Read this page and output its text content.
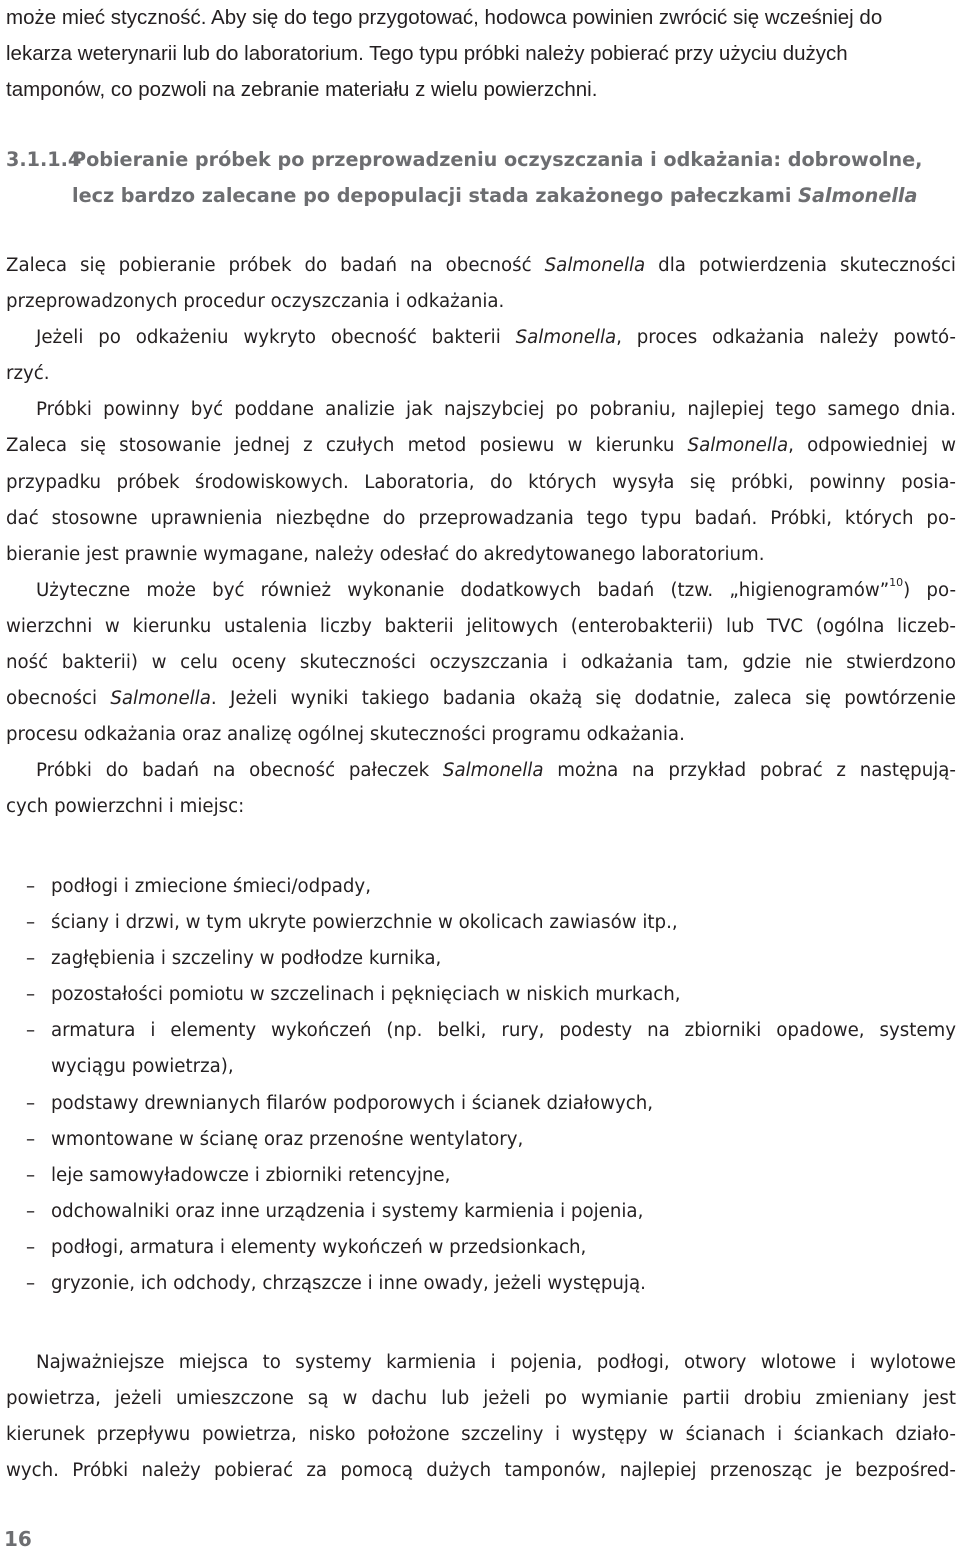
może mieć styczność. Aby się do tego przygotować, hodowca powinien zwrócić się wcześniej do
lekarza weterynarii lub do laboratorium. Tego typu próbki należy pobierać przy użyciu dużych
tamponów, co pozwoli na zebranie materiału z wielu powierzchni.
3.1.1.4Pobieranie próbek po przeprowadzeniu oczyszczania i odkażania: dobrowolne,
lecz bardzo zalecane po depopulacji stada zakażonego pałeczkami Salmonella
Zaleca się pobieranie próbek do badań na obecność Salmonella dla potwierdzenia skuteczności
przeprowadzonych procedur oczyszczania i odkażania.
Jeżeli po odkażeniu wykryto obecność bakterii Salmonella, proces odkażania należy powtó-
rzyć.
Próbki powinny być poddane analizie jak najszybciej po pobraniu, najlepiej tego samego dnia.
Zaleca się stosowanie jednej z czułych metod posiewu w kierunku Salmonella, odpowiedniej w
przypadku próbek środowiskowych. Laboratoria, do których wysyła się próbki, powinny posia-
dać stosowne uprawnienia niezbędne do przeprowadzania tego typu badań. Próbki, których po-
bieranie jest prawnie wymagane, należy odesłać do akredytowanego laboratorium.
Użyteczne może być również wykonanie dodatkowych badań (tzw. „higienogramów”$^{10}$) po-
wierzchni w kierunku ustalenia liczby bakterii jelitowych (enterobakterii) lub TVC (ogólna liczeb-
ność bakterii) w celu oceny skuteczności oczyszczania i odkażania tam, gdzie nie stwierdzono
obecności Salmonella. Jeżeli wyniki takiego badania okażą się dodatnie, zaleca się powtórzenie
procesu odkażania oraz analizę ogólnej skuteczności programu odkażania.
Próbki do badań na obecność pałeczek Salmonella można na przykład pobrać z następują-
cych powierzchni i miejsc:
– podłogi i zmiecione śmieci/odpady,
– ściany i drzwi, w tym ukryte powierzchnie w okolicach zawiasów itp.,
– zagłębienia i szczeliny w podłodze kurnika,
– pozostałości pomiotu w szczelinach i pęknięciach w niskich murkach,
– armatura i elementy wykończeń (np. belki, rury, podesty na zbiorniki opadowe, systemy
wyciągu powietrza),
– podstawy drewnianych filarów podporowych i ścianek działowych,
– wmontowane w ścianę oraz przenośne wentylatory,
– leje samowyładowcze i zbiorniki retencyjne,
– odchowalniki oraz inne urządzenia i systemy karmienia i pojenia,
– podłogi, armatura i elementy wykończeń w przedsionkach,
– gryzonie, ich odchody, chrząszcze i inne owady, jeżeli występują.
Najważniejsze miejsca to systemy karmienia i pojenia, podłogi, otwory wlotowe i wylotowe
powietrza, jeżeli umieszczone są w dachu lub jeżeli po wymianie partii drobiu zmieniany jest
kierunek przepływu powietrza, nisko położone szczeliny i występy w ścianach i ściankach działo-
wych. Próbki należy pobierać za pomocą dużych tamponów, najlepiej przenosząc je bezpośred-
16
